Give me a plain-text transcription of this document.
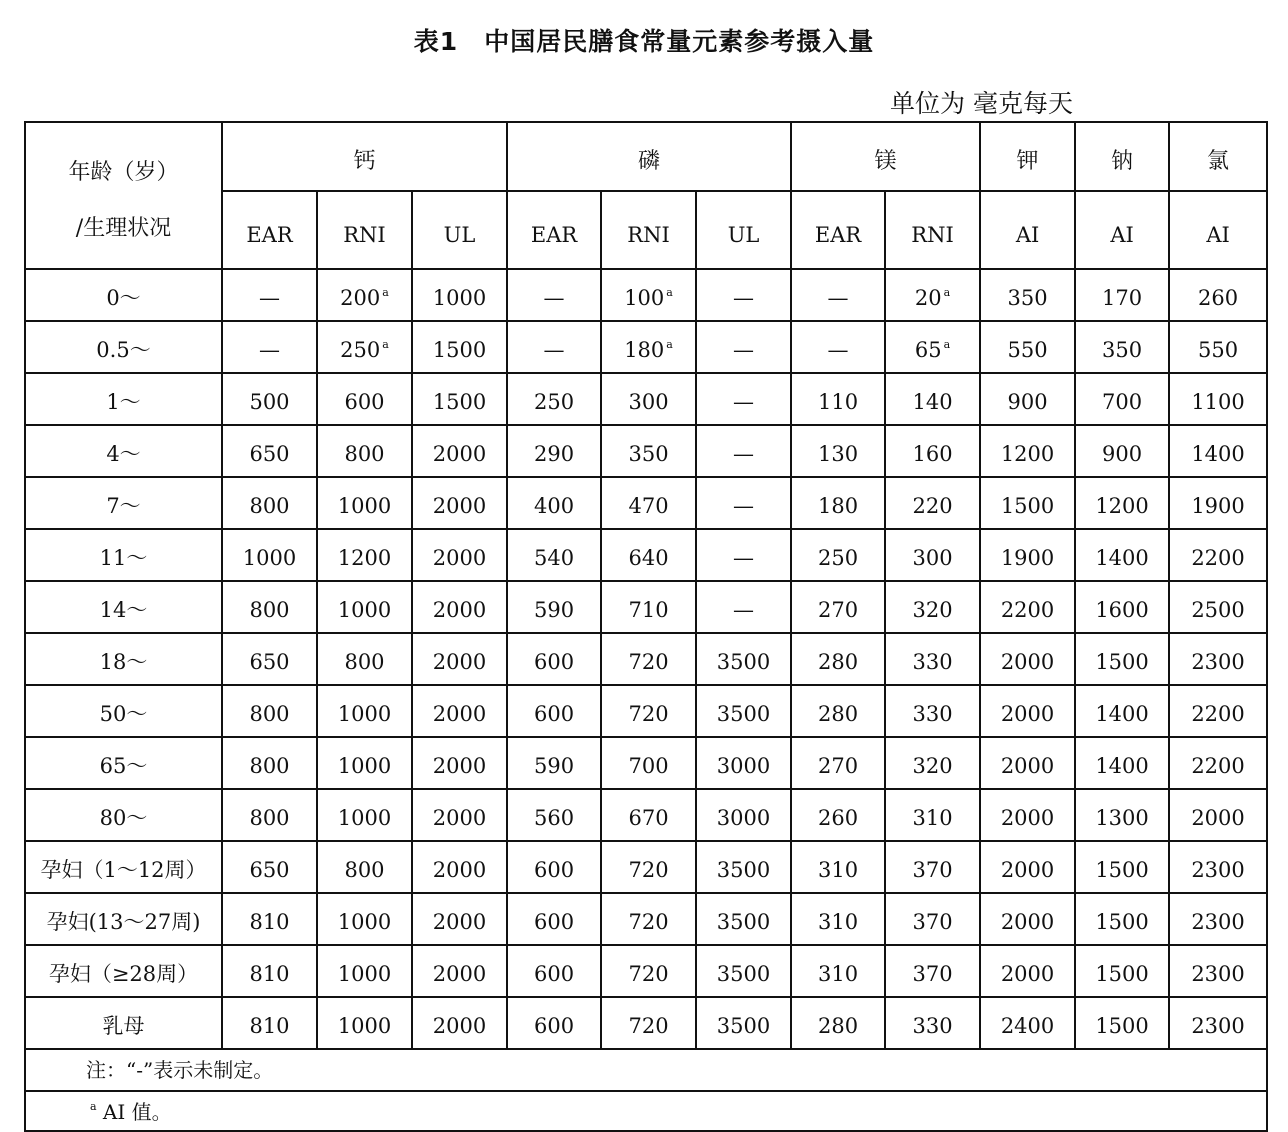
表1 中国居民膳食常量元素参考摄入量
单位为 毫克每天
年龄（岁）
/生理状况	钙			磷			镁		钾	钠	氯
	EAR	RNI	UL	EAR	RNI	UL	EAR	RNI	AI	AI	AI
0～	—	200 $^a$	1000	—	100 $^a$	—	—	20 $^a$	350	170	260
0.5～	—	250 $^a$	1500	—	180 $^a$	—	—	65 $^a$	550	350	550
1～	500	600	1500	250	300	—	110	140	900	700	1100
4～	650	800	2000	290	350	—	130	160	1200	900	1400
7～	800	1000	2000	400	470	—	180	220	1500	1200	1900
11～	1000	1200	2000	540	640	—	250	300	1900	1400	2200
14～	800	1000	2000	590	710	—	270	320	2200	1600	2500
18～	650	800	2000	600	720	3500	280	330	2000	1500	2300
50～	800	1000	2000	600	720	3500	280	330	2000	1400	2200
65～	800	1000	2000	590	700	3000	270	320	2000	1400	2200
80～	800	1000	2000	560	670	3000	260	310	2000	1300	2000
孕妇（1～12周）	650	800	2000	600	720	3500	310	370	2000	1500	2300
孕妇(13～27周)	810	1000	2000	600	720	3500	310	370	2000	1500	2300
孕妇（≥28周）	810	1000	2000	600	720	3500	310	370	2000	1500	2300
乳母	810	1000	2000	600	720	3500	280	330	2400	1500	2300
注：“-”表示未制定。											
$^a$ AI 值。											
